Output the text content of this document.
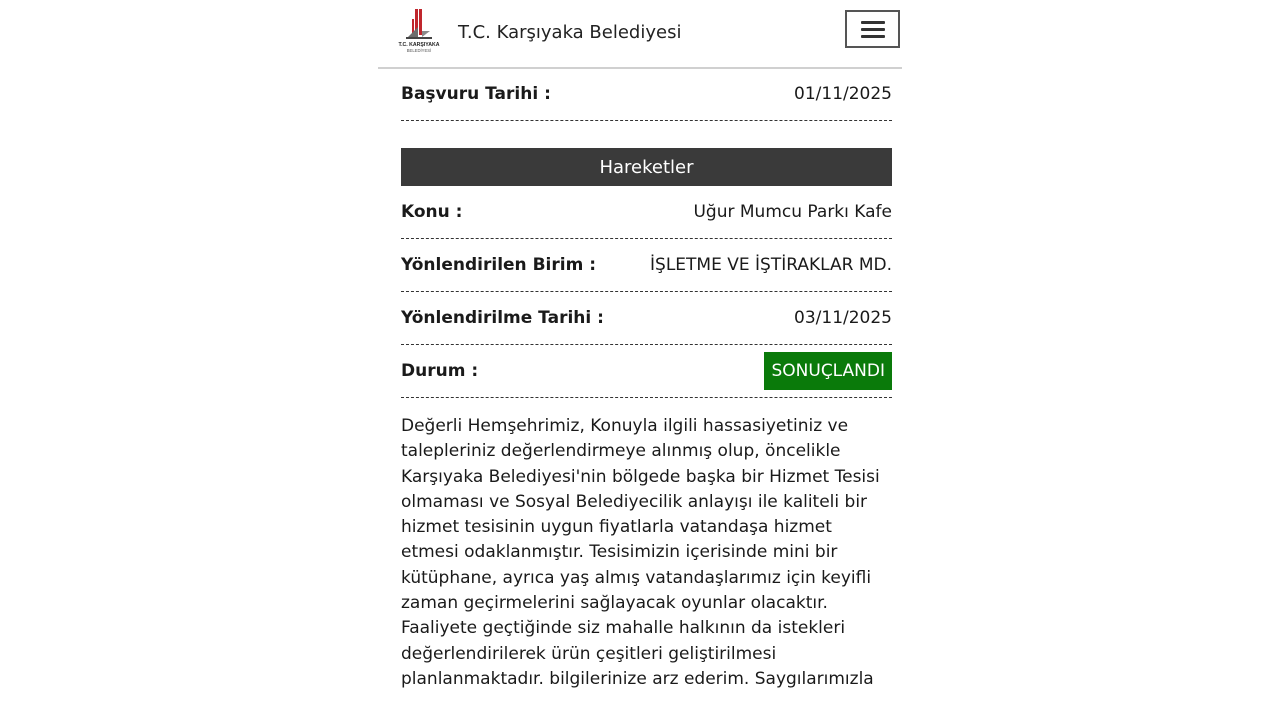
T.C. KARŞIYAKA
BELEDİYESİ
T.C. Karşıyaka Belediyesi
Başvuru Tarihi :	01/11/2025
Hareketler
Konu :	Uğur Mumcu Parkı Kafe
Yönlendirilen Birim :	İŞLETME VE İŞTİRAKLAR MD.
Yönlendirilme Tarihi :	03/11/2025
Durum :	SONUÇLANDI
Değerli Hemşehrimiz, Konuyla ilgili hassasiyetiniz ve
talepleriniz değerlendirmeye alınmış olup, öncelikle
Karşıyaka Belediyesi'nin bölgede başka bir Hizmet Tesisi
olmaması ve Sosyal Belediyecilik anlayışı ile kaliteli bir
hizmet tesisinin uygun fiyatlarla vatandaşa hizmet
etmesi odaklanmıştır. Tesisimizin içerisinde mini bir
kütüphane, ayrıca yaş almış vatandaşlarımız için keyifli
zaman geçirmelerini sağlayacak oyunlar olacaktır.
Faaliyete geçtiğinde siz mahalle halkının da istekleri
değerlendirilerek ürün çeşitleri geliştirilmesi
planlanmaktadır. bilgilerinize arz ederim. Saygılarımızla
